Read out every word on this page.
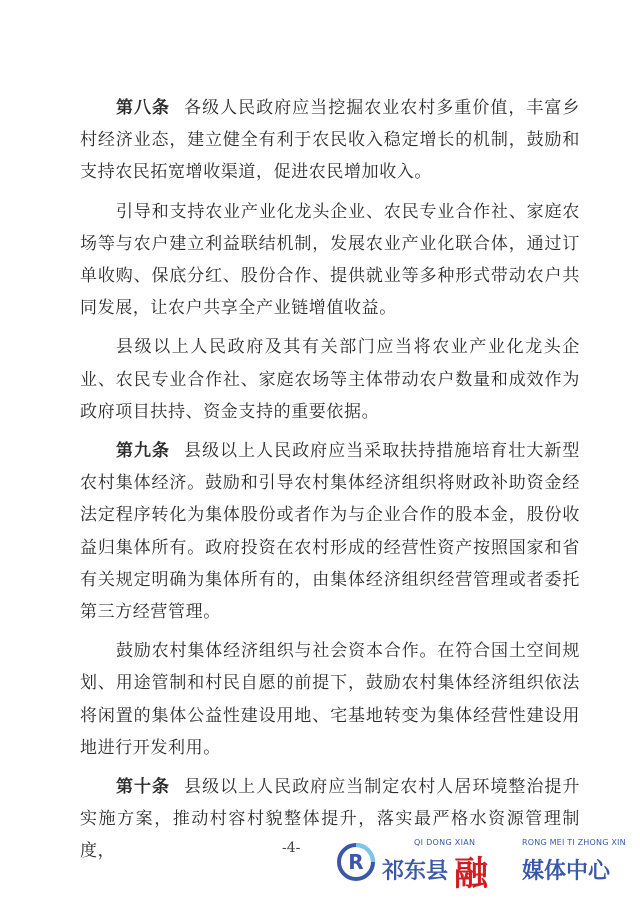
第八条 各级人民政府应当挖掘农业农村多重价值，丰富乡村经济业态，建立健全有利于农民收入稳定增长的机制，鼓励和支持农民拓宽增收渠道，促进农民增加收入。

引导和支持农业产业化龙头企业、农民专业合作社、家庭农场等与农户建立利益联结机制，发展农业产业化联合体，通过订单收购、保底分红、股份合作、提供就业等多种形式带动农户共同发展，让农户共享全产业链增值收益。

县级以上人民政府及其有关部门应当将农业产业化龙头企业、农民专业合作社、家庭农场等主体带动农户数量和成效作为政府项目扶持、资金支持的重要依据。

第九条 县级以上人民政府应当采取扶持措施培育壮大新型农村集体经济。鼓励和引导农村集体经济组织将财政补助资金经法定程序转化为集体股份或者作为与企业合作的股本金，股份收益归集体所有。政府投资在农村形成的经营性资产按照国家和省有关规定明确为集体所有的，由集体经济组织经营管理或者委托第三方经营管理。

鼓励农村集体经济组织与社会资本合作。在符合国土空间规划、用途管制和村民自愿的前提下，鼓励农村集体经济组织依法将闲置的集体公益性建设用地、宅基地转变为集体经营性建设用地进行开发利用。

第十条 县级以上人民政府应当制定农村人居环境整治提升实施方案，推动村容村貌整体提升，落实最严格水资源管理制度，	-4-
R
QI DONG XIAN	RONG MEI TI ZHONG XIN
祁东县 融 媒体中心
